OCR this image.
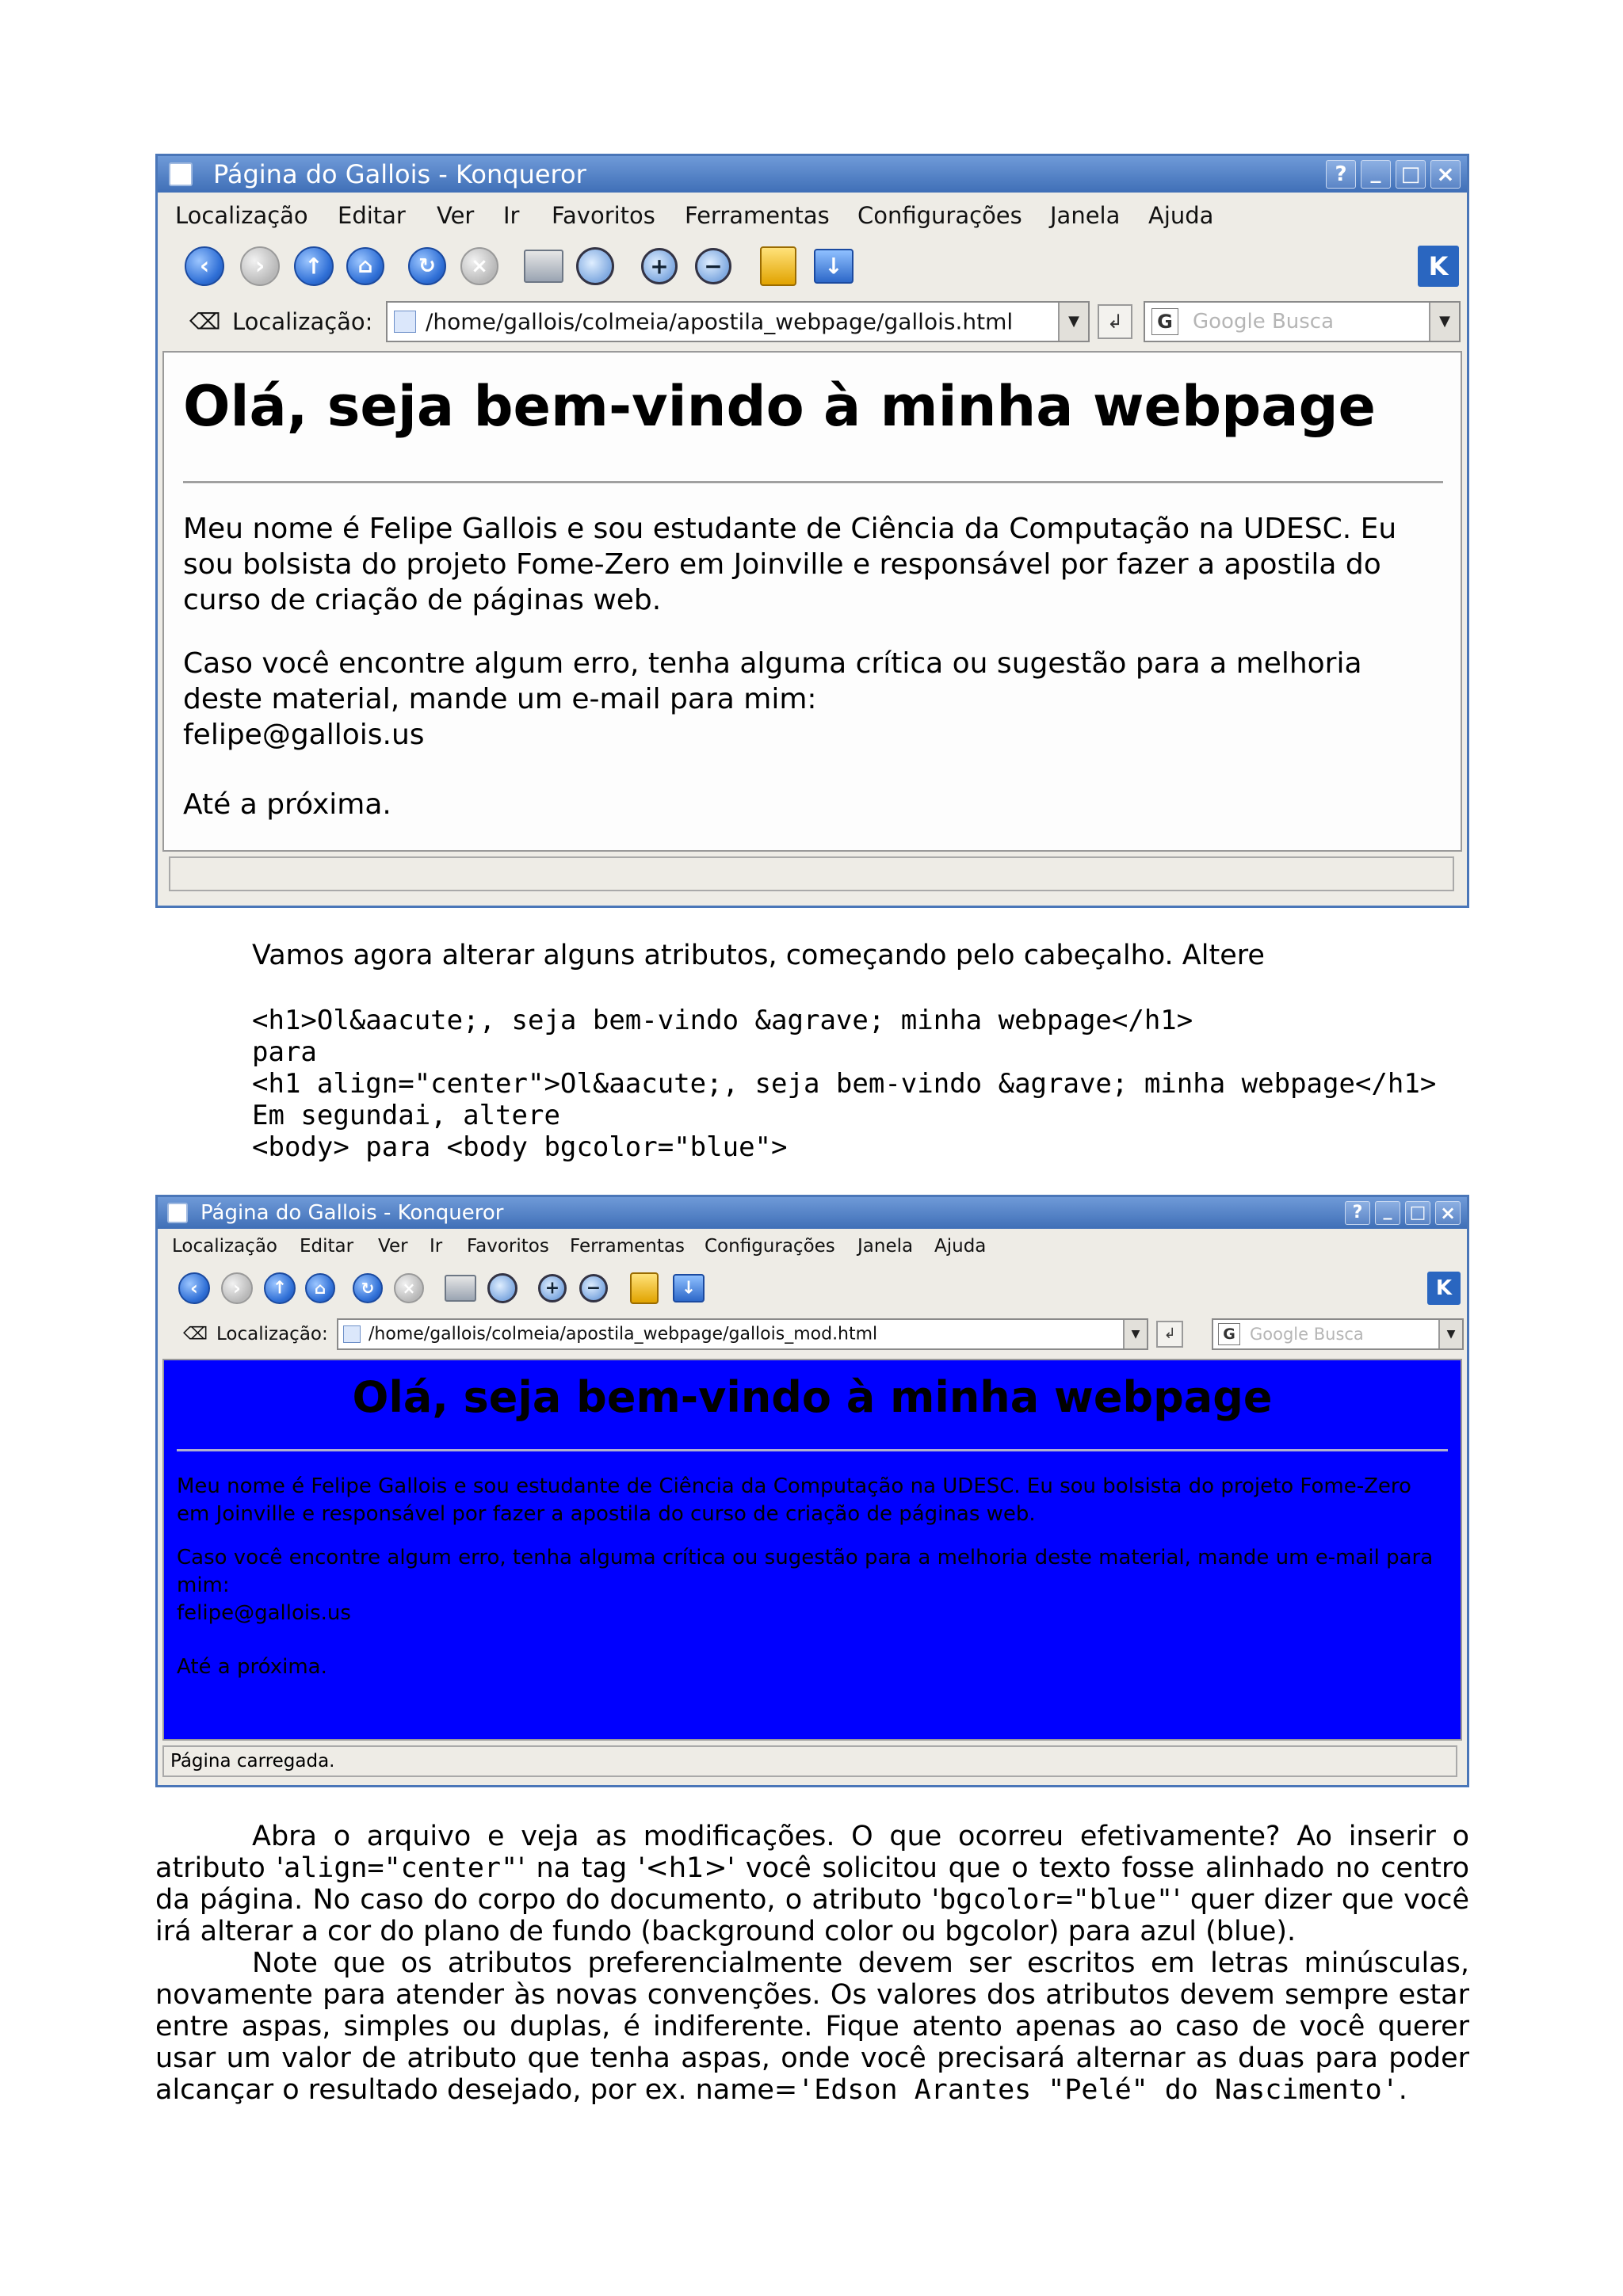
Página do Gallois - Konqueror	?	_ □ ×
Localização Editar Ver Ir Favoritos Ferramentas Configurações Janela Ajuda
‹	›	↑	⌂	↻	×	+ −	↓	K
⌫ Localização: /home/gallois/colmeia/apostila_webpage/gallois.html	▼	↲	G Google Busca	▼
Olá, seja bem-vindo à minha webpage

Meu nome é Felipe Gallois e sou estudante de Ciência da Computação na UDESC. Eu sou bolsista do projeto Fome-Zero em Joinville e responsável por fazer a apostila do curso de criação de páginas web.

Caso você encontre algum erro, tenha alguma crítica ou sugestão para a melhoria deste material, mande um e-mail para mim:
felipe@gallois.us

Até a próxima.

Vamos agora alterar alguns atributos, começando pelo cabeçalho. Altere
<h1>Ol&aacute;, seja bem-vindo &agrave; minha webpage</h1>
para
<h1 align="center">Ol&aacute;, seja bem-vindo &agrave; minha webpage</h1>
Em segundai, altere
<body> para <body bgcolor="blue">
Página do Gallois - Konqueror	?	_	□ ×
Localização Editar Ver Ir Favoritos Ferramentas Configurações Janela Ajuda
‹	›	↑	⌂	↻	×	+ −	↓	K
⌫ Localização: /home/gallois/colmeia/apostila_webpage/gallois_mod.html	▼	↲	G Google Busca	▼
Olá, seja bem-vindo à minha webpage

Meu nome é Felipe Gallois e sou estudante de Ciência da Computação na UDESC. Eu sou bolsista do projeto Fome-Zero em Joinville e responsável por fazer a apostila do curso de criação de páginas web.

Caso você encontre algum erro, tenha alguma crítica ou sugestão para a melhoria deste material, mande um e-mail para mim:
felipe@gallois.us

Até a próxima.

Página carregada.
Abra o arquivo e veja as modificações. O que ocorreu efetivamente? Ao inserir o atributo 'align="center"' na tag '<h1>' você solicitou que o texto fosse alinhado no centro da página. No caso do corpo do documento, o atributo 'bgcolor="blue"' quer dizer que você irá alterar a cor do plano de fundo (background color ou bgcolor) para azul (blue).
Note que os atributos preferencialmente devem ser escritos em letras minúsculas, novamente para atender às novas convenções. Os valores dos atributos devem sempre estar entre aspas, simples ou duplas, é indiferente. Fique atento apenas ao caso de você querer usar um valor de atributo que tenha aspas, onde você precisará alternar as duas para poder alcançar o resultado desejado, por ex. name='Edson Arantes "Pelé" do Nascimento'.
